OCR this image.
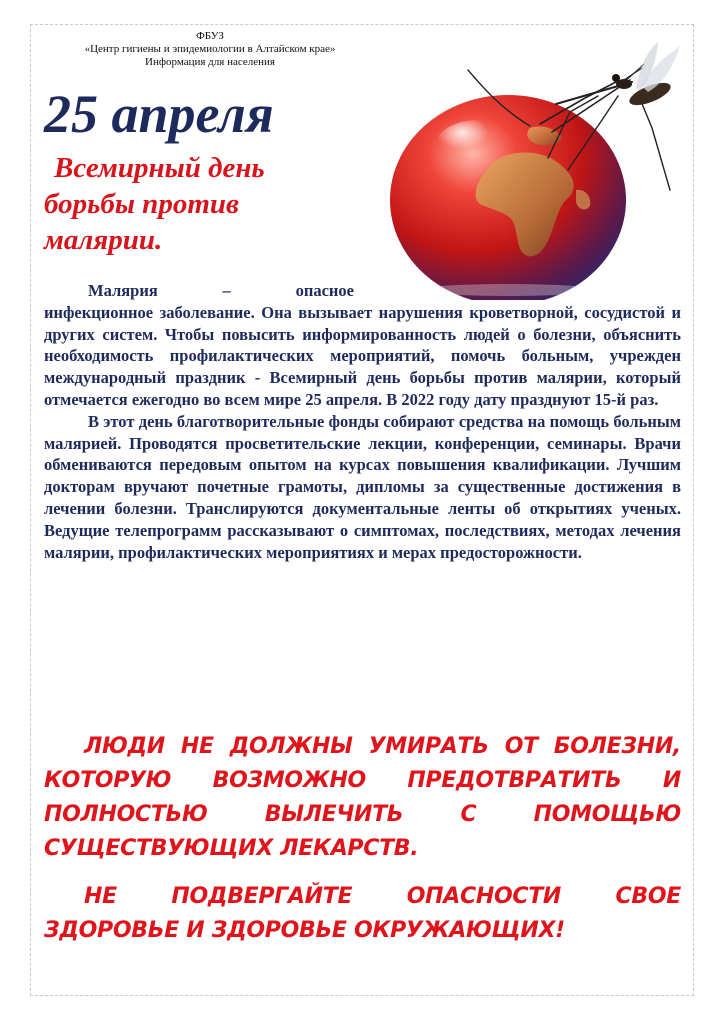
ФБУЗ
«Центр гигиены и эпидемиологии в Алтайском крае»
Информация для населения
25 апреля
Всемирный день
борьбы против
малярии.

Малярия – опасное

инфекционное заболевание. Она вызывает нарушения кроветворной, сосудистой и других систем. Чтобы повысить информированность людей о болезни, объяснить необходимость профилактических мероприятий, помочь больным, учрежден международный праздник - Всемирный день борьбы против малярии, который отмечается ежегодно во всем мире 25 апреля. В 2022 году дату празднуют 15-й раз.

В этот день благотворительные фонды собирают средства на помощь больным малярией. Проводятся просветительские лекции, конференции, семинары. Врачи обмениваются передовым опытом на курсах повышения квалификации. Лучшим докторам вручают почетные грамоты, дипломы за существенные достижения в лечении болезни. Транслируются документальные ленты об открытиях ученых. Ведущие телепрограмм рассказывают о симптомах, последствиях, методах лечения малярии, профилактических мероприятиях и мерах предосторожности.

ЛЮДИ НЕ ДОЛЖНЫ УМИРАТЬ ОТ БОЛЕЗНИ, КОТОРУЮ ВОЗМОЖНО ПРЕДОТВРАТИТЬ И ПОЛНОСТЬЮ ВЫЛЕЧИТЬ С ПОМОЩЬЮ СУЩЕСТВУЮЩИХ ЛЕКАРСТВ.
НЕ ПОДВЕРГАЙТЕ ОПАСНОСТИ СВОЕ ЗДОРОВЬЕ И ЗДОРОВЬЕ ОКРУЖАЮЩИХ!
